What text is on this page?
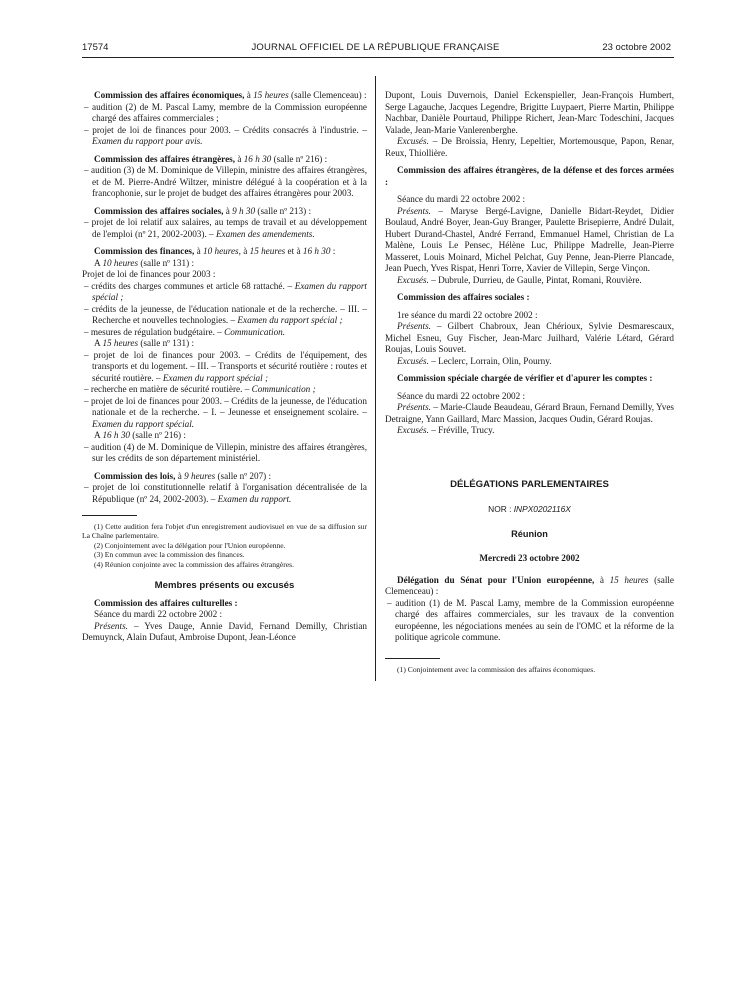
17574	JOURNAL OFFICIEL DE LA RÉPUBLIQUE FRANÇAISE	23 octobre 2002

Commission des affaires économiques, à 15 heures (salle Clemenceau) :

– audition (2) de M. Pascal Lamy, membre de la Commission européenne chargé des affaires commerciales ;

– projet de loi de finances pour 2003. – Crédits consacrés à l'industrie. – Examen du rapport pour avis.

Commission des affaires étrangères, à 16 h 30 (salle nº 216) :

– audition (3) de M. Dominique de Villepin, ministre des affaires étrangères, et de M. Pierre-André Wiltzer, ministre délégué à la coopération et à la francophonie, sur le projet de budget des affaires étrangères pour 2003.

Commission des affaires sociales, à 9 h 30 (salle nº 213) :

– projet de loi relatif aux salaires, au temps de travail et au développement de l'emploi (nº 21, 2002-2003). – Examen des amendements.

Commission des finances, à 10 heures, à 15 heures et à 16 h 30 :

A 10 heures (salle nº 131) :

Projet de loi de finances pour 2003 :

– crédits des charges communes et article 68 rattaché. – Examen du rapport spécial ;

– crédits de la jeunesse, de l'éducation nationale et de la recherche. – III. – Recherche et nouvelles technologies. – Examen du rapport spécial ;

– mesures de régulation budgétaire. – Communication.

A 15 heures (salle nº 131) :

– projet de loi de finances pour 2003. – Crédits de l'équipement, des transports et du logement. – III. – Transports et sécurité routière : routes et sécurité routière. – Examen du rapport spécial ;

– recherche en matière de sécurité routière. – Communication ;

– projet de loi de finances pour 2003. – Crédits de la jeunesse, de l'éducation nationale et de la recherche. – I. – Jeunesse et enseignement scolaire. – Examen du rapport spécial.

A 16 h 30 (salle nº 216) :

– audition (4) de M. Dominique de Villepin, ministre des affaires étrangères, sur les crédits de son département ministériel.

Commission des lois, à 9 heures (salle nº 207) :

– projet de loi constitutionnelle relatif à l'organisation décentralisée de la République (nº 24, 2002-2003). – Examen du rapport.

(1) Cette audition fera l'objet d'un enregistrement audiovisuel en vue de sa diffusion sur La Chaîne parlementaire.

(2) Conjointement avec la délégation pour l'Union européenne.

(3) En commun avec la commission des finances.

(4) Réunion conjointe avec la commission des affaires étrangères.

Membres présents ou excusés

Commission des affaires culturelles :

Séance du mardi 22 octobre 2002 :

Présents. – Yves Dauge, Annie David, Fernand Demilly, Christian Demuynck, Alain Dufaut, Ambroise Dupont, Jean-Léonce

Dupont, Louis Duvernois, Daniel Eckenspieller, Jean-François Humbert, Serge Lagauche, Jacques Legendre, Brigitte Luypaert, Pierre Martin, Philippe Nachbar, Danièle Pourtaud, Philippe Richert, Jean-Marc Todeschini, Jacques Valade, Jean-Marie Vanlerenberghe.

Excusés. – De Broissia, Henry, Lepeltier, Mortemousque, Papon, Renar, Reux, Thiollière.

Commission des affaires étrangères, de la défense et des forces armées :

Séance du mardi 22 octobre 2002 :

Présents. – Maryse Bergé-Lavigne, Danielle Bidart-Reydet, Didier Boulaud, André Boyer, Jean-Guy Branger, Paulette Brisepierre, André Dulait, Hubert Durand-Chastel, André Ferrand, Emmanuel Hamel, Christian de La Malène, Louis Le Pensec, Hélène Luc, Philippe Madrelle, Jean-Pierre Masseret, Louis Moinard, Michel Pelchat, Guy Penne, Jean-Pierre Plancade, Jean Puech, Yves Rispat, Henri Torre, Xavier de Villepin, Serge Vinçon.

Excusés. – Dubrule, Durrieu, de Gaulle, Pintat, Romani, Rouvière.

Commission des affaires sociales :

1re séance du mardi 22 octobre 2002 :

Présents. – Gilbert Chabroux, Jean Chérioux, Sylvie Desmarescaux, Michel Esneu, Guy Fischer, Jean-Marc Juilhard, Valérie Létard, Gérard Roujas, Louis Souvet.

Excusés. – Leclerc, Lorrain, Olin, Pourny.

Commission spéciale chargée de vérifier et d'apurer les comptes :

Séance du mardi 22 octobre 2002 :

Présents. – Marie-Claude Beaudeau, Gérard Braun, Fernand Demilly, Yves Detraigne, Yann Gaillard, Marc Massion, Jacques Oudin, Gérard Roujas.

Excusés. – Fréville, Trucy.

DÉLÉGATIONS PARLEMENTAIRES

NOR : INPX0202116X

Réunion

Mercredi 23 octobre 2002

Délégation du Sénat pour l'Union européenne, à 15 heures (salle Clemenceau) :

– audition (1) de M. Pascal Lamy, membre de la Commission européenne chargé des affaires commerciales, sur les travaux de la convention européenne, les négociations menées au sein de l'OMC et la réforme de la politique agricole commune.

(1) Conjointement avec la commission des affaires économiques.
